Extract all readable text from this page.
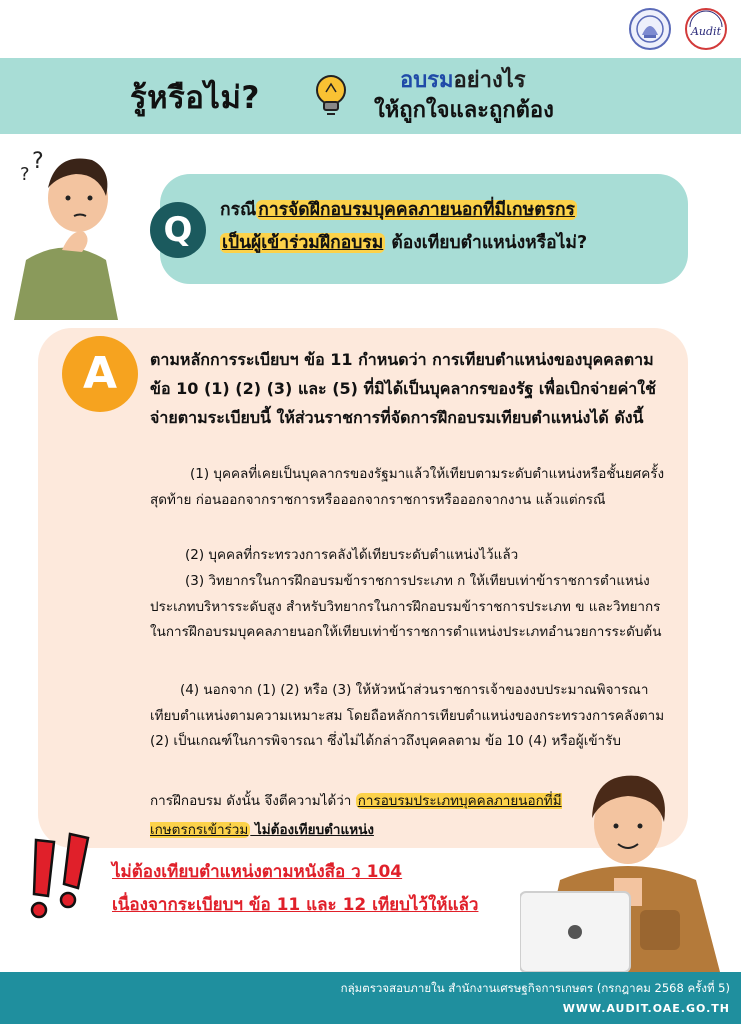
Audit
รู้หรือไม่?	อบรมอย่างไร
ให้ถูกใจและถูกต้อง
?
?
Q	กรณี การจัดฝึกอบรมบุคคลภายนอกที่มีเกษตรกร
เป็นผู้เข้าร่วมฝึกอบรม ต้องเทียบตำแหน่งหรือไม่?
A	ตามหลักการระเบียบฯ ข้อ 11 กำหนดว่า การเทียบตำแหน่งของบุคคลตามข้อ 10 (1) (2) (3) และ (5) ที่มิได้เป็นบุคลากรของรัฐ เพื่อเบิกจ่ายค่าใช้จ่ายตามระเบียบนี้ ให้ส่วนราชการที่จัดการฝึกอบรมเทียบตำแหน่งได้ ดังนี้
(1) บุคคลที่เคยเป็นบุคลากรของรัฐมาแล้วให้เทียบตามระดับตำแหน่งหรือชั้นยศครั้งสุดท้าย ก่อนออกจากราชการหรือออกจากราชการหรือออกจากงาน แล้วแต่กรณี
(2) บุคคลที่กระทรวงการคลังได้เทียบระดับตำแหน่งไว้แล้ว
(3) วิทยากรในการฝึกอบรมข้าราชการประเภท ก ให้เทียบเท่าข้าราชการตำแหน่งประเภทบริหารระดับสูง สำหรับวิทยากรในการฝึกอบรมข้าราชการประเภท ข และวิทยากรในการฝึกอบรมบุคคลภายนอกให้เทียบเท่าข้าราชการตำแหน่งประเภทอำนวยการระดับต้น
(4) นอกจาก (1) (2) หรือ (3) ให้หัวหน้าส่วนราชการเจ้าของงบประมาณพิจารณาเทียบตำแหน่งตามความเหมาะสม โดยถือหลักการเทียบตำแหน่งของกระทรวงการคลังตาม (2) เป็นเกณฑ์ในการพิจารณา ซึ่งไม่ได้กล่าวถึงบุคคลตาม ข้อ 10 (4) หรือผู้เข้ารับ
การฝึกอบรม ดังนั้น จึงตีความได้ว่า การอบรมประเภทบุคคลภายนอกที่มีเกษตรกรเข้าร่วม ไม่ต้องเทียบตำแหน่ง
ไม่ต้องเทียบตำแหน่งตามหนังสือ ว 104
เนื่องจากระเบียบฯ ข้อ 11 และ 12 เทียบไว้ให้แล้ว
กลุ่มตรวจสอบภายใน สำนักงานเศรษฐกิจการเกษตร (กรกฎาคม 2568 ครั้งที่ 5)
WWW.AUDIT.OAE.GO.TH
